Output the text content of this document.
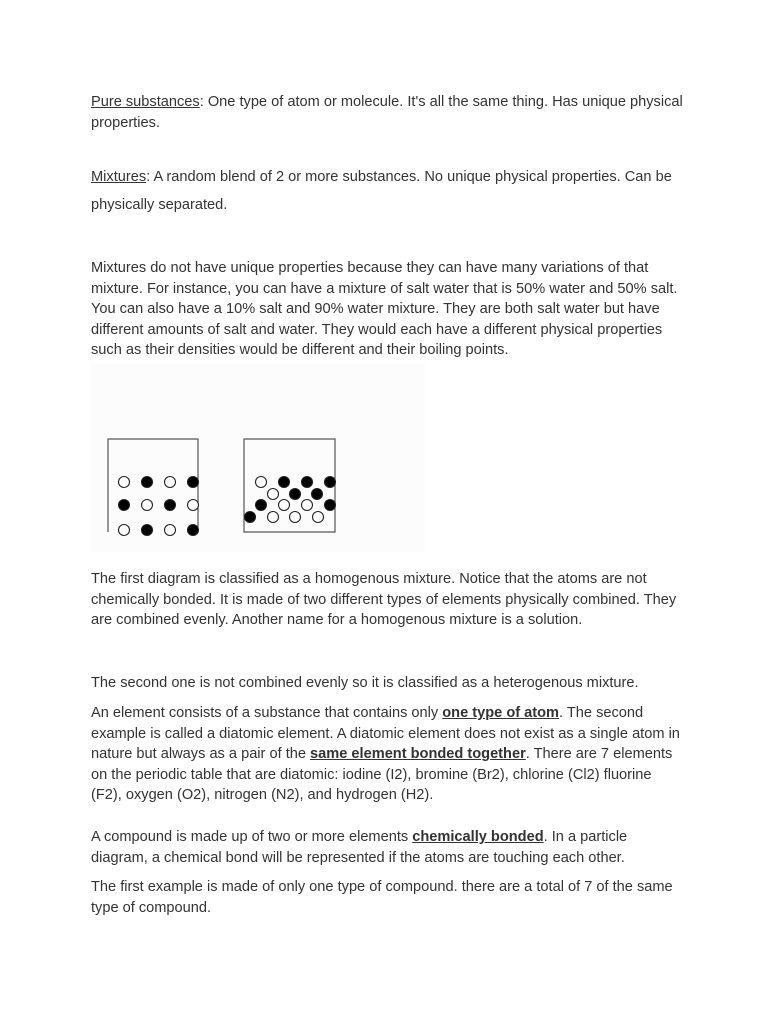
Pure substances: One type of atom or molecule. It's all the same thing. Has unique physical properties.

Mixtures: A random blend of 2 or more substances. No unique physical properties. Can be physically separated.

Mixtures do not have unique properties because they can have many variations of that mixture. For instance, you can have a mixture of salt water that is 50% water and 50% salt. You can also have a 10% salt and 90% water mixture. They are both salt water but have different amounts of salt and water. They would each have a different physical properties such as their densities would be different and their boiling points.

The first diagram is classified as a homogenous mixture. Notice that the atoms are not chemically bonded. It is made of two different types of elements physically combined. They are combined evenly. Another name for a homogenous mixture is a solution.

The second one is not combined evenly so it is classified as a heterogenous mixture.

An element consists of a substance that contains only one type of atom. The second example is called a diatomic element. A diatomic element does not exist as a single atom in nature but always as a pair of the same element bonded together. There are 7 elements on the periodic table that are diatomic: iodine (I2), bromine (Br2), chlorine (Cl2) fluorine (F2), oxygen (O2), nitrogen (N2), and hydrogen (H2).

A compound is made up of two or more elements chemically bonded. In a particle diagram, a chemical bond will be represented if the atoms are touching each other.

The first example is made of only one type of compound. there are a total of 7 of the same type of compound.
